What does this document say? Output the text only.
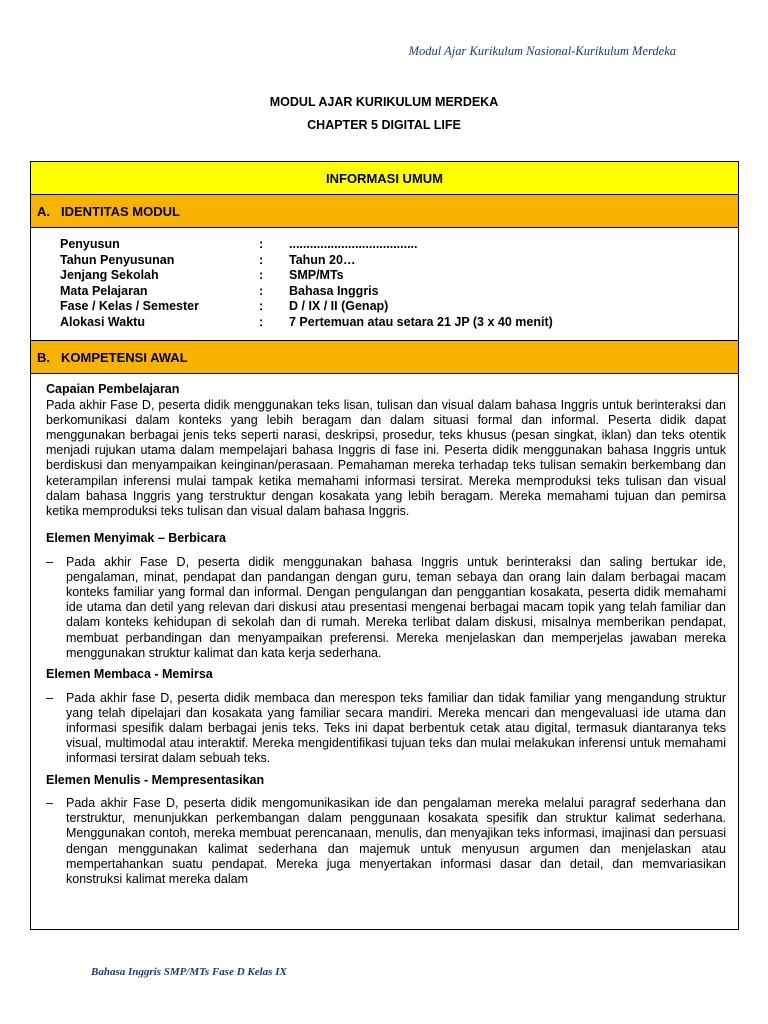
Modul Ajar Kurikulum Nasional-Kurikulum Merdeka
MODUL AJAR KURIKULUM MERDEKA
CHAPTER 5 DIGITAL LIFE
INFORMASI UMUM
A. IDENTITAS MODUL
Penyusun	:	.....................................
Tahun Penyusunan	:	Tahun 20…
Jenjang Sekolah	:	SMP/MTs
Mata Pelajaran	:	Bahasa Inggris
Fase / Kelas / Semester	:	D / IX / II (Genap)
Alokasi Waktu	:	7 Pertemuan atau setara 21 JP (3 x 40 menit)
B. KOMPETENSI AWAL
Capaian Pembelajaran
Pada akhir Fase D, peserta didik menggunakan teks lisan, tulisan dan visual dalam bahasa Inggris untuk berinteraksi dan berkomunikasi dalam konteks yang lebih beragam dan dalam situasi formal dan informal. Peserta didik dapat menggunakan berbagai jenis teks seperti narasi, deskripsi, prosedur, teks khusus (pesan singkat, iklan) dan teks otentik menjadi rujukan utama dalam mempelajari bahasa Inggris di fase ini. Peserta didik menggunakan bahasa Inggris untuk berdiskusi dan menyampaikan keinginan/perasaan. Pemahaman mereka terhadap teks tulisan semakin berkembang dan keterampilan inferensi mulai tampak ketika memahami informasi tersirat. Mereka memproduksi teks tulisan dan visual dalam bahasa Inggris yang terstruktur dengan kosakata yang lebih beragam. Mereka memahami tujuan dan pemirsa ketika memproduksi teks tulisan dan visual dalam bahasa Inggris.
Elemen Menyimak – Berbicara
–	Pada akhir Fase D, peserta didik menggunakan bahasa Inggris untuk berinteraksi dan saling bertukar ide, pengalaman, minat, pendapat dan pandangan dengan guru, teman sebaya dan orang lain dalam berbagai macam konteks familiar yang formal dan informal. Dengan pengulangan dan penggantian kosakata, peserta didik memahami ide utama dan detil yang relevan dari diskusi atau presentasi mengenai berbagai macam topik yang telah familiar dan dalam konteks kehidupan di sekolah dan di rumah. Mereka terlibat dalam diskusi, misalnya memberikan pendapat, membuat perbandingan dan menyampaikan preferensi. Mereka menjelaskan dan memperjelas jawaban mereka menggunakan struktur kalimat dan kata kerja sederhana.
Elemen Membaca - Memirsa
–	Pada akhir fase D, peserta didik membaca dan merespon teks familiar dan tidak familiar yang mengandung struktur yang telah dipelajari dan kosakata yang familiar secara mandiri. Mereka mencari dan mengevaluasi ide utama dan informasi spesifik dalam berbagai jenis teks. Teks ini dapat berbentuk cetak atau digital, termasuk diantaranya teks visual, multimodal atau interaktif. Mereka mengidentifikasi tujuan teks dan mulai melakukan inferensi untuk memahami informasi tersirat dalam sebuah teks.
Elemen Menulis - Mempresentasikan
–	Pada akhir Fase D, peserta didik mengomunikasikan ide dan pengalaman mereka melalui paragraf sederhana dan terstruktur, menunjukkan perkembangan dalam penggunaan kosakata spesifik dan struktur kalimat sederhana. Menggunakan contoh, mereka membuat perencanaan, menulis, dan menyajikan teks informasi, imajinasi dan persuasi dengan menggunakan kalimat sederhana dan majemuk untuk menyusun argumen dan menjelaskan atau mempertahankan suatu pendapat. Mereka juga menyertakan informasi dasar dan detail, dan memvariasikan konstruksi kalimat mereka dalam
Bahasa Inggris SMP/MTs Fase D Kelas IX
